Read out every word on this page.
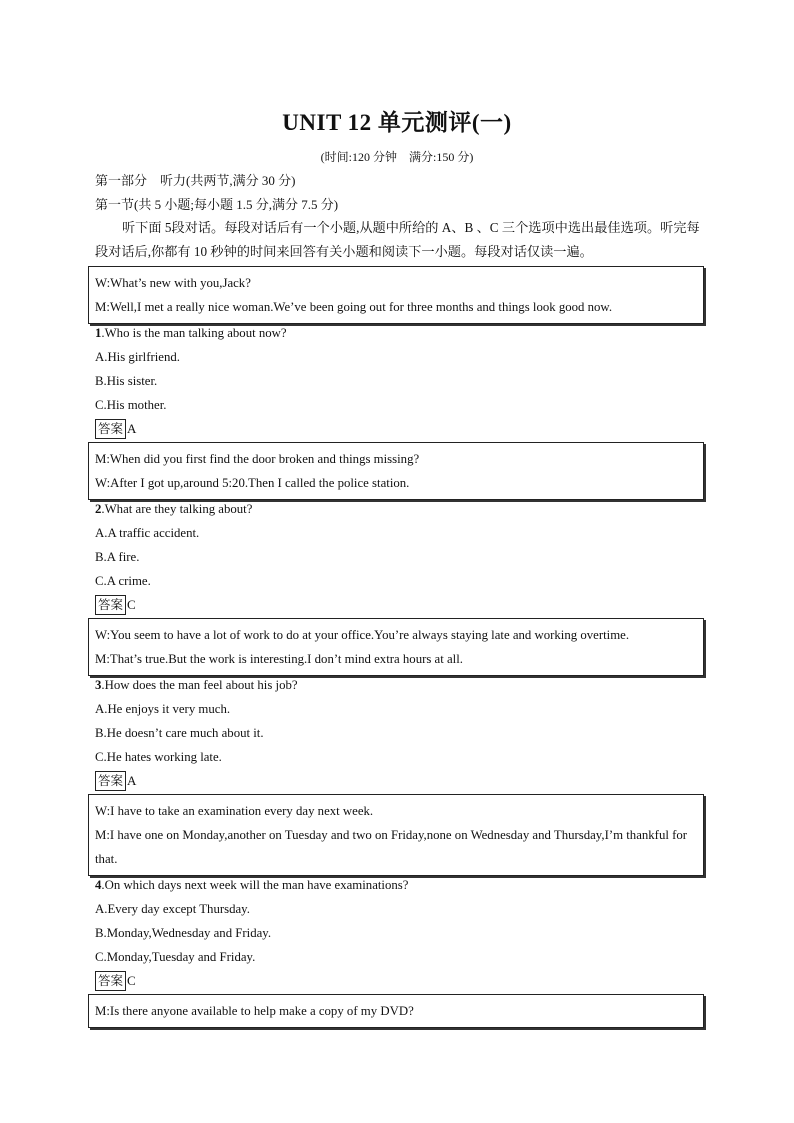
UNIT 12 单元测评(一)
(时间:120 分钟　满分:150 分)
第一部分　听力(共两节,满分 30 分)
第一节(共 5 小题;每小题 1.5 分,满分 7.5 分)
听下面 5段对话。每段对话后有一个小题,从题中所给的 A、B 、C 三个选项中选出最佳选项。听完每段对话后,你都有 10 秒钟的时间来回答有关小题和阅读下一小题。每段对话仅读一遍。
W:What’s new with you,Jack?
M:Well,I met a really nice woman.We’ve been going out for three months and things look good now.
1.Who is the man talking about now?
A.His girlfriend.
B.His sister.
C.His mother.
答案 A
M:When did you first find the door broken and things missing?
W:After I got up,around 5:20.Then I called the police station.
2.What are they talking about?
A.A traffic accident.
B.A fire.
C.A crime.
答案 C
W:You seem to have a lot of work to do at your office.You’re always staying late and working overtime.
M:That’s true.But the work is interesting.I don’t mind extra hours at all.
3.How does the man feel about his job?
A.He enjoys it very much.
B.He doesn’t care much about it.
C.He hates working late.
答案 A
W:I have to take an examination every day next week.
M:I have one on Monday,another on Tuesday and two on Friday,none on Wednesday and Thursday,I’m thankful for that.
4.On which days next week will the man have examinations?
A.Every day except Thursday.
B.Monday,Wednesday and Friday.
C.Monday,Tuesday and Friday.
答案 C
M:Is there anyone available to help make a copy of my DVD?
